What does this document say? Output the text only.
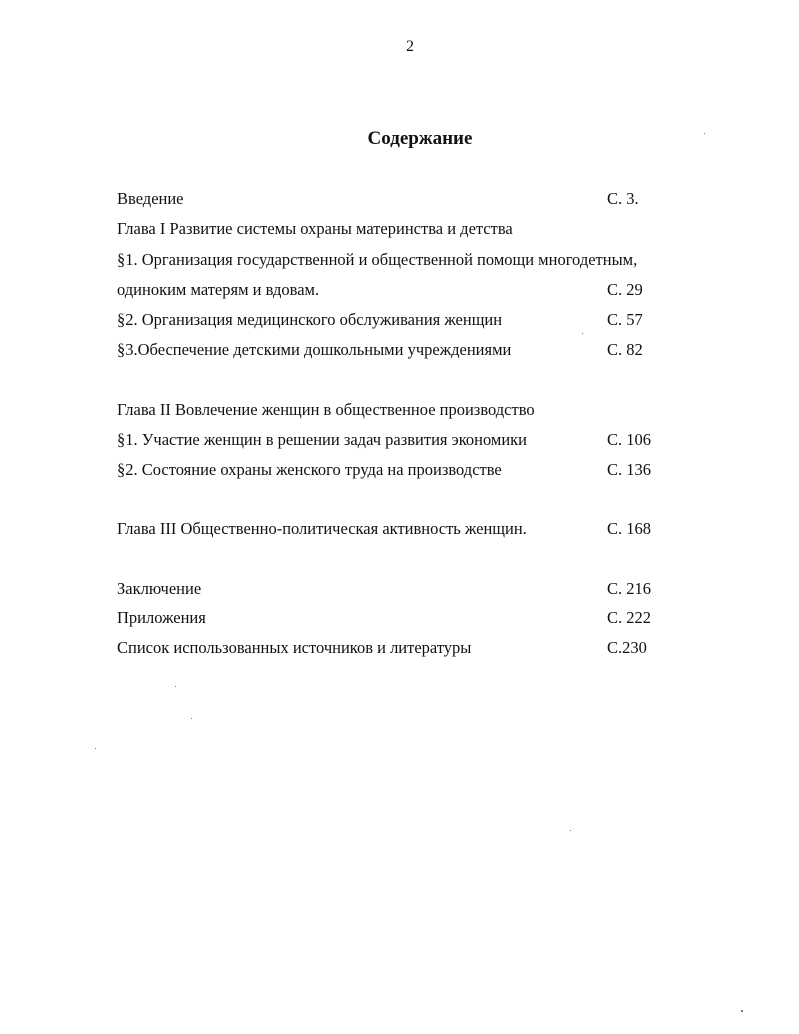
2
Содержание
Введение	С. 3.
Глава I Развитие системы охраны материнства и детства
§1. Организация государственной и общественной помощи многодетным,
одиноким матерям и вдовам.	С. 29
§2. Организация медицинского обслуживания женщин	С. 57
§3.Обеспечение детскими дошкольными учреждениями	С. 82
Глава II Вовлечение женщин в общественное производство
§1. Участие женщин в решении задач развития экономики	С. 106
§2. Состояние охраны женского труда на производстве	С. 136
Глава III Общественно-политическая активность женщин.	С. 168
Заключение	С. 216
Приложения	С. 222
Список использованных источников и литературы	С.230
